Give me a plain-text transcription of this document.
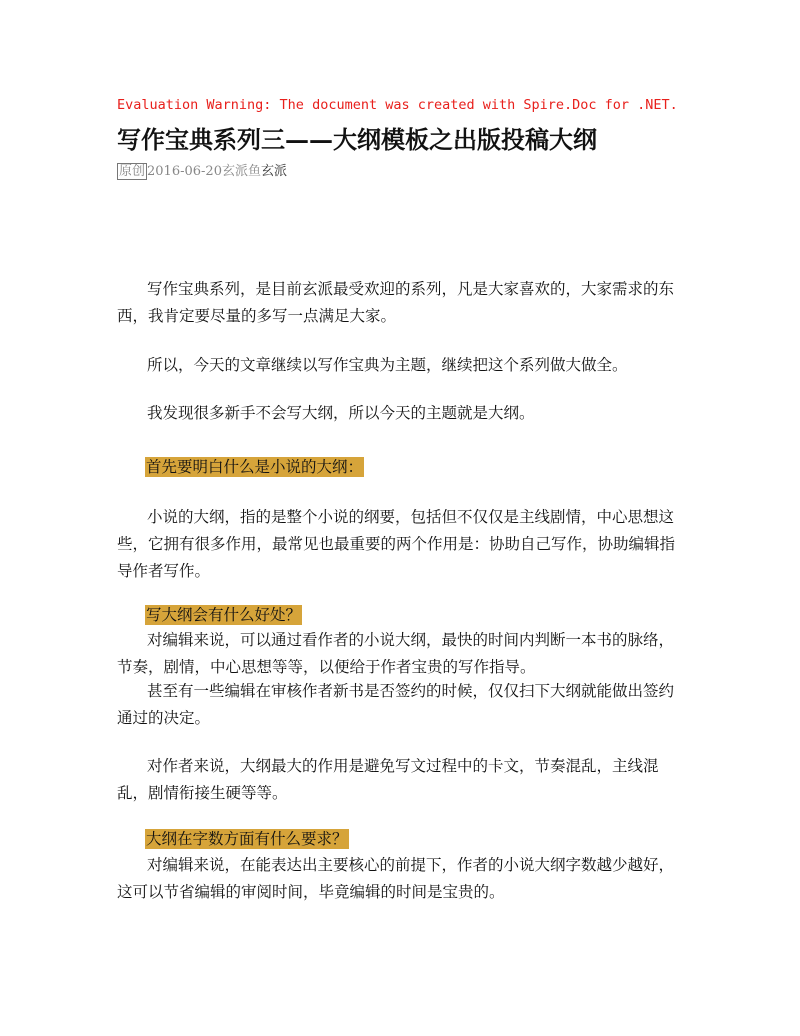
Evaluation Warning: The document was created with Spire.Doc for .NET.
写作宝典系列三——大纲模板之出版投稿大纲
原创 2016-06-20玄派鱼玄派
写作宝典系列，是目前玄派最受欢迎的系列，凡是大家喜欢的，大家需求的东西，我肯定要尽量的多写一点满足大家。
所以，今天的文章继续以写作宝典为主题，继续把这个系列做大做全。
我发现很多新手不会写大纲，所以今天的主题就是大纲。
首先要明白什么是小说的大纲：
小说的大纲，指的是整个小说的纲要，包括但不仅仅是主线剧情，中心思想这些，它拥有很多作用，最常见也最重要的两个作用是：协助自己写作，协助编辑指导作者写作。
写大纲会有什么好处？
对编辑来说，可以通过看作者的小说大纲，最快的时间内判断一本书的脉络，节奏，剧情，中心思想等等，以便给于作者宝贵的写作指导。
甚至有一些编辑在审核作者新书是否签约的时候，仅仅扫下大纲就能做出签约通过的决定。
对作者来说，大纲最大的作用是避免写文过程中的卡文，节奏混乱，主线混乱，剧情衔接生硬等等。
大纲在字数方面有什么要求？
对编辑来说，在能表达出主要核心的前提下，作者的小说大纲字数越少越好，这可以节省编辑的审阅时间，毕竟编辑的时间是宝贵的。
